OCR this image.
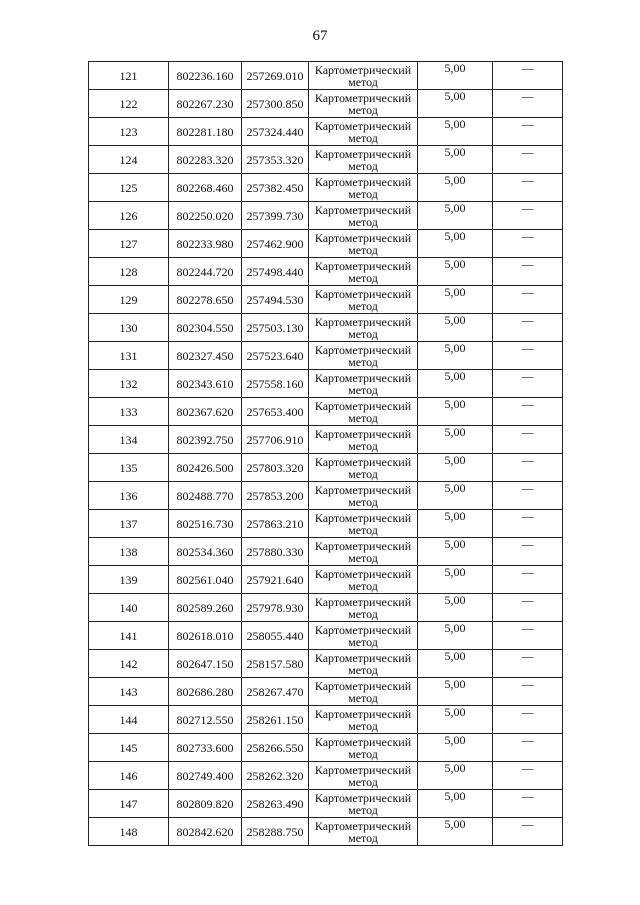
67
121	802236.160	257269.010	Картометрический метод	5,00	—
122	802267.230	257300.850	Картометрический метод	5,00	—
123	802281.180	257324.440	Картометрический метод	5,00	—
124	802283.320	257353.320	Картометрический метод	5,00	—
125	802268.460	257382.450	Картометрический метод	5,00	—
126	802250.020	257399.730	Картометрический метод	5,00	—
127	802233.980	257462.900	Картометрический метод	5,00	—
128	802244.720	257498.440	Картометрический метод	5,00	—
129	802278.650	257494.530	Картометрический метод	5,00	—
130	802304.550	257503.130	Картометрический метод	5,00	—
131	802327.450	257523.640	Картометрический метод	5,00	—
132	802343.610	257558.160	Картометрический метод	5,00	—
133	802367.620	257653.400	Картометрический метод	5,00	—
134	802392.750	257706.910	Картометрический метод	5,00	—
135	802426.500	257803.320	Картометрический метод	5,00	—
136	802488.770	257853.200	Картометрический метод	5,00	—
137	802516.730	257863.210	Картометрический метод	5,00	—
138	802534.360	257880.330	Картометрический метод	5,00	—
139	802561.040	257921.640	Картометрический метод	5,00	—
140	802589.260	257978.930	Картометрический метод	5,00	—
141	802618.010	258055.440	Картометрический метод	5,00	—
142	802647.150	258157.580	Картометрический метод	5,00	—
143	802686.280	258267.470	Картометрический метод	5,00	—
144	802712.550	258261.150	Картометрический метод	5,00	—
145	802733.600	258266.550	Картометрический метод	5,00	—
146	802749.400	258262.320	Картометрический метод	5,00	—
147	802809.820	258263.490	Картометрический метод	5,00	—
148	802842.620	258288.750	Картометрический метод	5,00	—
